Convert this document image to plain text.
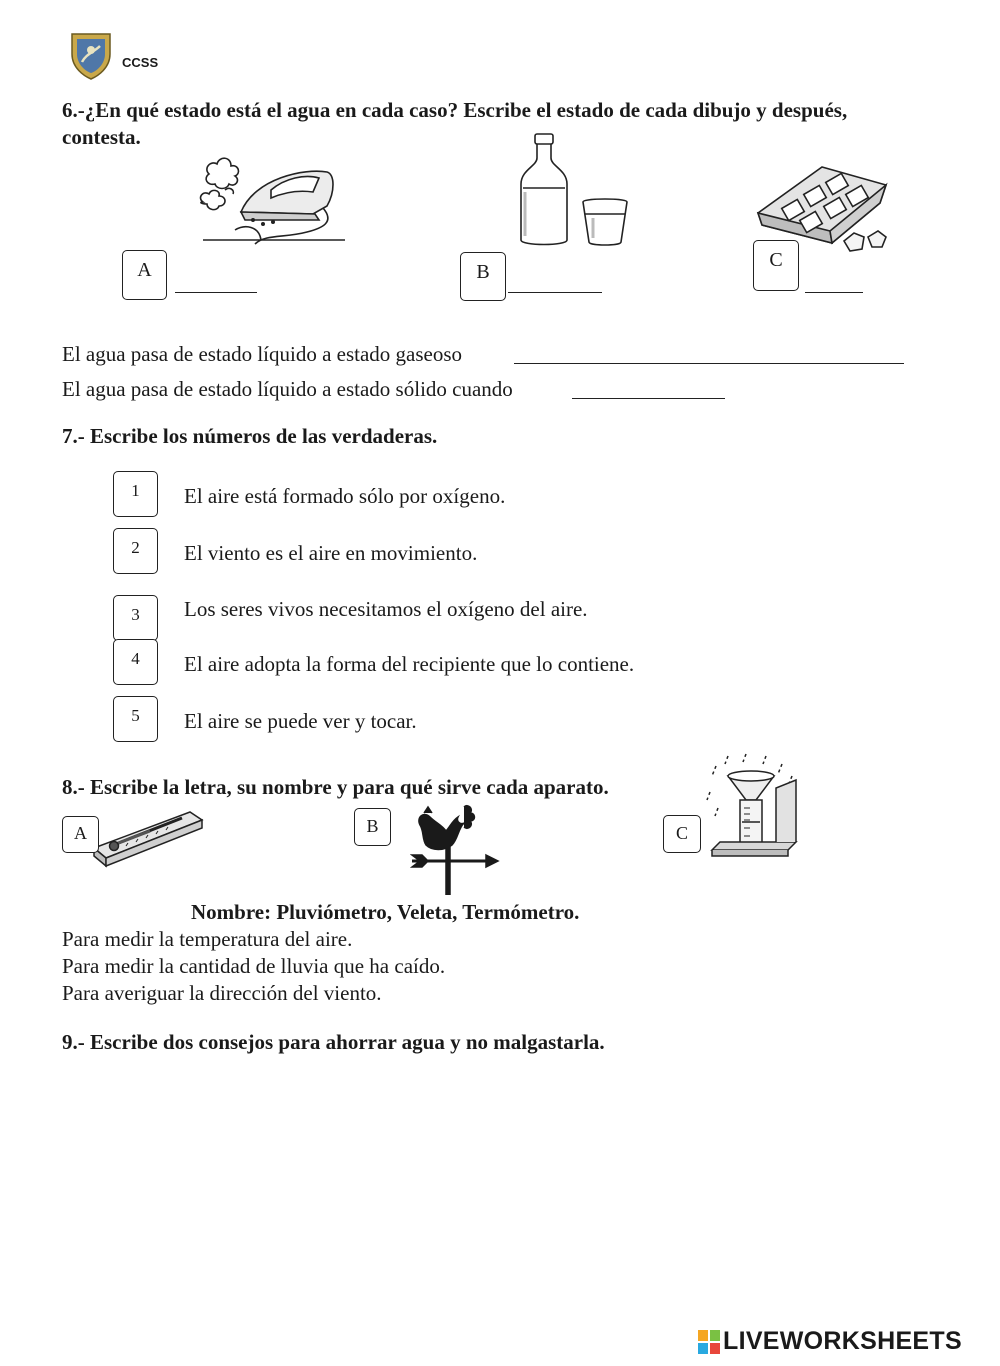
CCSS
6.-¿En qué estado está el agua en cada caso? Escribe el estado de cada dibujo y después,
contesta.
A	B
C
El agua pasa de estado líquido a estado gaseoso
El agua pasa de estado líquido a estado sólido cuando
7.- Escribe los números de las verdaderas.
1	El aire está formado sólo por oxígeno.
2	El viento es el aire en movimiento.
3	Los seres vivos necesitamos el oxígeno del aire.
4	El aire adopta la forma del recipiente que lo contiene.
5	El aire se puede ver y tocar.
8.- Escribe la letra, su nombre y para qué sirve cada aparato.
A	B	C
Nombre: Pluviómetro, Veleta, Termómetro.
Para medir la temperatura del aire.
Para medir la cantidad de lluvia que ha caído.
Para averiguar la dirección del viento.
9.- Escribe dos consejos para ahorrar agua y no malgastarla.
LIVEWORKSHEETS
